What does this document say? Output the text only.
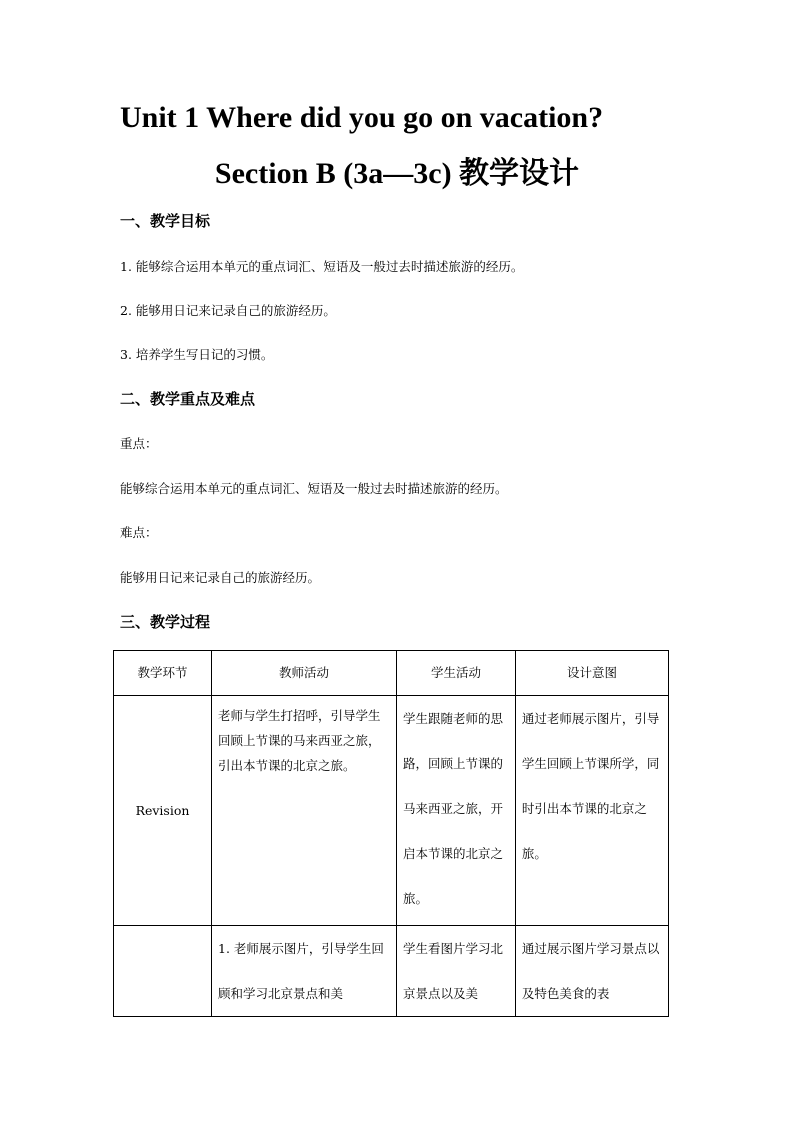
Unit 1 Where did you go on vacation?
Section B (3a—3c) 教学设计
一、教学目标
1. 能够综合运用本单元的重点词汇、短语及一般过去时描述旅游的经历。
2. 能够用日记来记录自己的旅游经历。
3. 培养学生写日记的习惯。
二、教学重点及难点
重点：
能够综合运用本单元的重点词汇、短语及一般过去时描述旅游的经历。
难点：
能够用日记来记录自己的旅游经历。
三、教学过程
教学环节	教师活动	学生活动	设计意图
Revision	老师与学生打招呼，引导学生回顾上节课的马来西亚之旅，引出本节课的北京之旅。	学生跟随老师的思路，回顾上节课的马来西亚之旅，开启本节课的北京之旅。	通过老师展示图片，引导学生回顾上节课所学，同时引出本节课的北京之旅。
	1. 老师展示图片，引导学生回顾和学习北京景点和美	学生看图片学习北京景点以及美	通过展示图片学习景点以及特色美食的表
